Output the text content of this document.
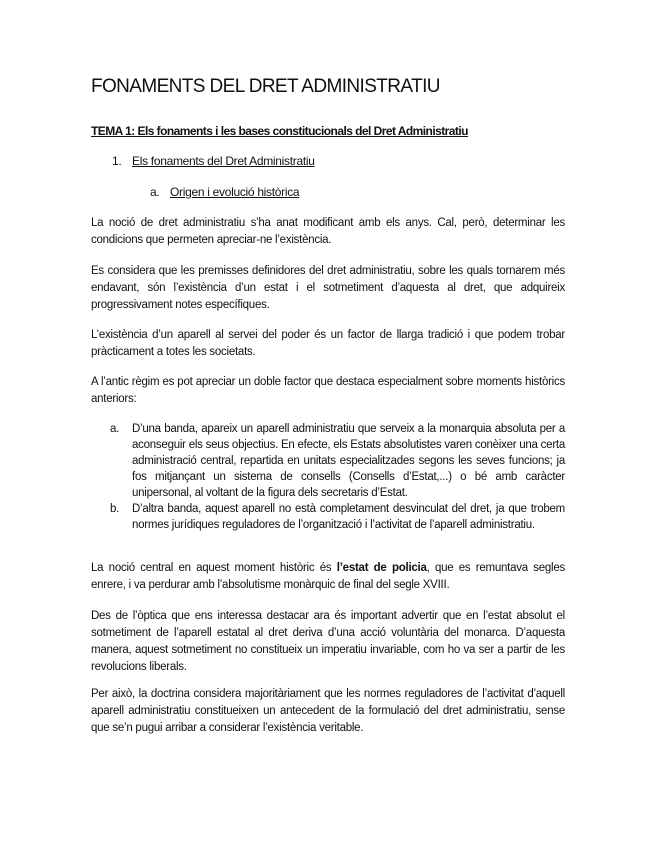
FONAMENTS DEL DRET ADMINISTRATIU
TEMA 1: Els fonaments i les bases constitucionals del Dret Administratiu
1. Els fonaments del Dret Administratiu
a. Origen i evolució històrica

La noció de dret administratiu s’ha anat modificant amb els anys. Cal, però, determinar les condicions que permeten apreciar-ne l’existència.

Es considera que les premisses definidores del dret administratiu, sobre les quals tornarem més endavant, són l’existència d’un estat i el sotmetiment d’aquesta al dret, que adquireix progressivament notes específiques.

L’existència d’un aparell al servei del poder és un factor de llarga tradició i que podem trobar pràcticament a totes les societats.

A l’antic règim es pot apreciar un doble factor que destaca especialment sobre moments històrics anteriors:

a.	D’una banda, apareix un aparell administratiu que serveix a la monarquia absoluta per a aconseguir els seus objectius. En efecte, els Estats absolutistes varen conèixer una certa administració central, repartida en unitats especialitzades segons les seves funcions; ja fos mitjançant un sistema de consells (Consells d’Estat,...) o bé amb caràcter unipersonal, al voltant de la figura dels secretaris d’Estat.
b.	D’altra banda, aquest aparell no està completament desvinculat del dret, ja que trobem normes jurídiques reguladores de l’organització i l’activitat de l’aparell administratiu.

La noció central en aquest moment històric és l’estat de policia, que es remuntava segles enrere, i va perdurar amb l’absolutisme monàrquic de final del segle XVIII.

Des de l’òptica que ens interessa destacar ara és important advertir que en l’estat absolut el sotmetiment de l’aparell estatal al dret deriva d’una acció voluntària del monarca. D’aquesta manera, aquest sotmetiment no constitueix un imperatiu invariable, com ho va ser a partir de les revolucions liberals.

Per això, la doctrina considera majoritàriament que les normes reguladores de l’activitat d’aquell aparell administratiu constitueixen un antecedent de la formulació del dret administratiu, sense que se’n pugui arribar a considerar l’existència veritable.
